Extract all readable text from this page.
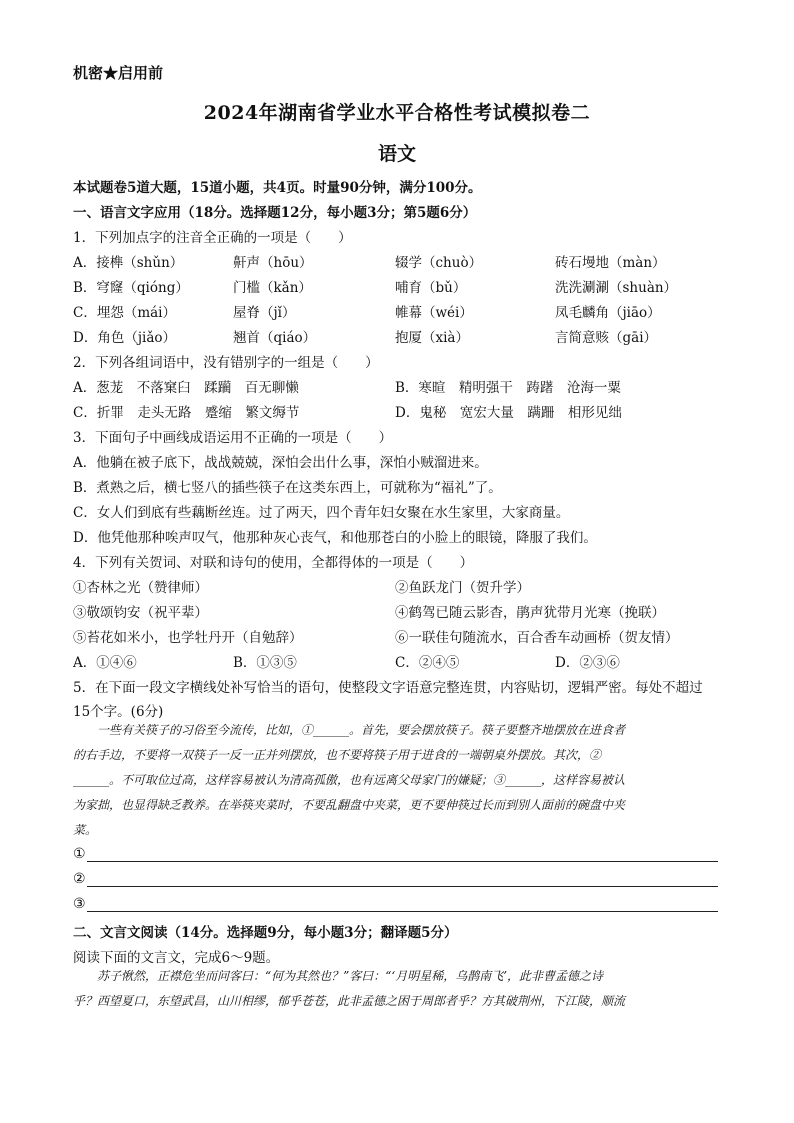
机密★启用前
2024年湖南省学业水平合格性考试模拟卷二
语文
本试题卷5道大题，15道小题，共4页。时量90分钟，满分100分。
一、语言文字应用（18分。选择题12分，每小题3分；第5题6分）
1．下列加点字的注音全正确的一项是（　　）
A．接榫（shǔn）	鼾声（hōu）	辍学（chuò）	砖石墁地（màn）
B．穹窿（qióng）	门槛（kǎn）	哺育（bǔ）	洗洗涮涮（shuàn）
C．埋怨（mái）	屋脊（jǐ）	帷幕（wéi）	凤毛麟角（jiāo）
D．角色（jiǎo）	翘首（qiáo）	抱厦（xià）	言简意赅（gāi）
2．下列各组词语中，没有错别字的一组是（　　）
A．葱茏　不落窠臼　蹂躏　百无聊懒	B．寒暄　精明强干　踌躇　沧海一粟
C．折罪　走头无路　蹙缩　繁文缛节	D．鬼秘　宽宏大量　蹒跚　相形见绌
3．下面句子中画线成语运用不正确的一项是（　　）
A．他躺在被子底下，战战兢兢，深怕会出什么事，深怕小贼溜进来。
B．煮熟之后，横七竖八的插些筷子在这类东西上，可就称为“福礼”了。
C．女人们到底有些藕断丝连。过了两天，四个青年妇女聚在水生家里，大家商量。
D．他凭他那种唉声叹气，他那种灰心丧气，和他那苍白的小脸上的眼镜，降服了我们。
4．下列有关贺词、对联和诗句的使用，全都得体的一项是（　　）
①杏林之光（赞律师）	②鱼跃龙门（贺升学）
③敬颂钧安（祝平辈）	④鹤驾已随云影杳，鹃声犹带月光寒（挽联）
⑤苔花如米小，也学牡丹开（自勉辞）	⑥一联佳句随流水，百合香车动画桥（贺友情）
A．①④⑥	B．①③⑤	C．②④⑤	D．②③⑥
5．在下面一段文字横线处补写恰当的语句，使整段文字语意完整连贯，内容贴切，逻辑严密。每处不超过
15个字。(6分)
一些有关筷子的习俗至今流传，比如，①______。首先，要会摆放筷子。筷子要整齐地摆放在进食者
的右手边，不要将一双筷子一反一正并列摆放，也不要将筷子用于进食的一端朝桌外摆放。其次，②
______。不可取位过高，这样容易被认为清高孤傲，也有远离父母家门的嫌疑；③______，这样容易被认
为家拙，也显得缺乏教养。在举筷夹菜时，不要乱翻盘中夹菜，更不要伸筷过长而到别人面前的碗盘中夹
菜。
①
②
③
二、文言文阅读（14分。选择题9分，每小题3分；翻译题5分）
阅读下面的文言文，完成6～9题。
苏子愀然，正襟危坐而问客曰：“何为其然也？”客曰：“‘月明星稀，乌鹊南飞’，此非曹孟德之诗
乎？西望夏口，东望武昌，山川相缪，郁乎苍苍，此非孟德之困于周郎者乎？方其破荆州，下江陵，顺流
